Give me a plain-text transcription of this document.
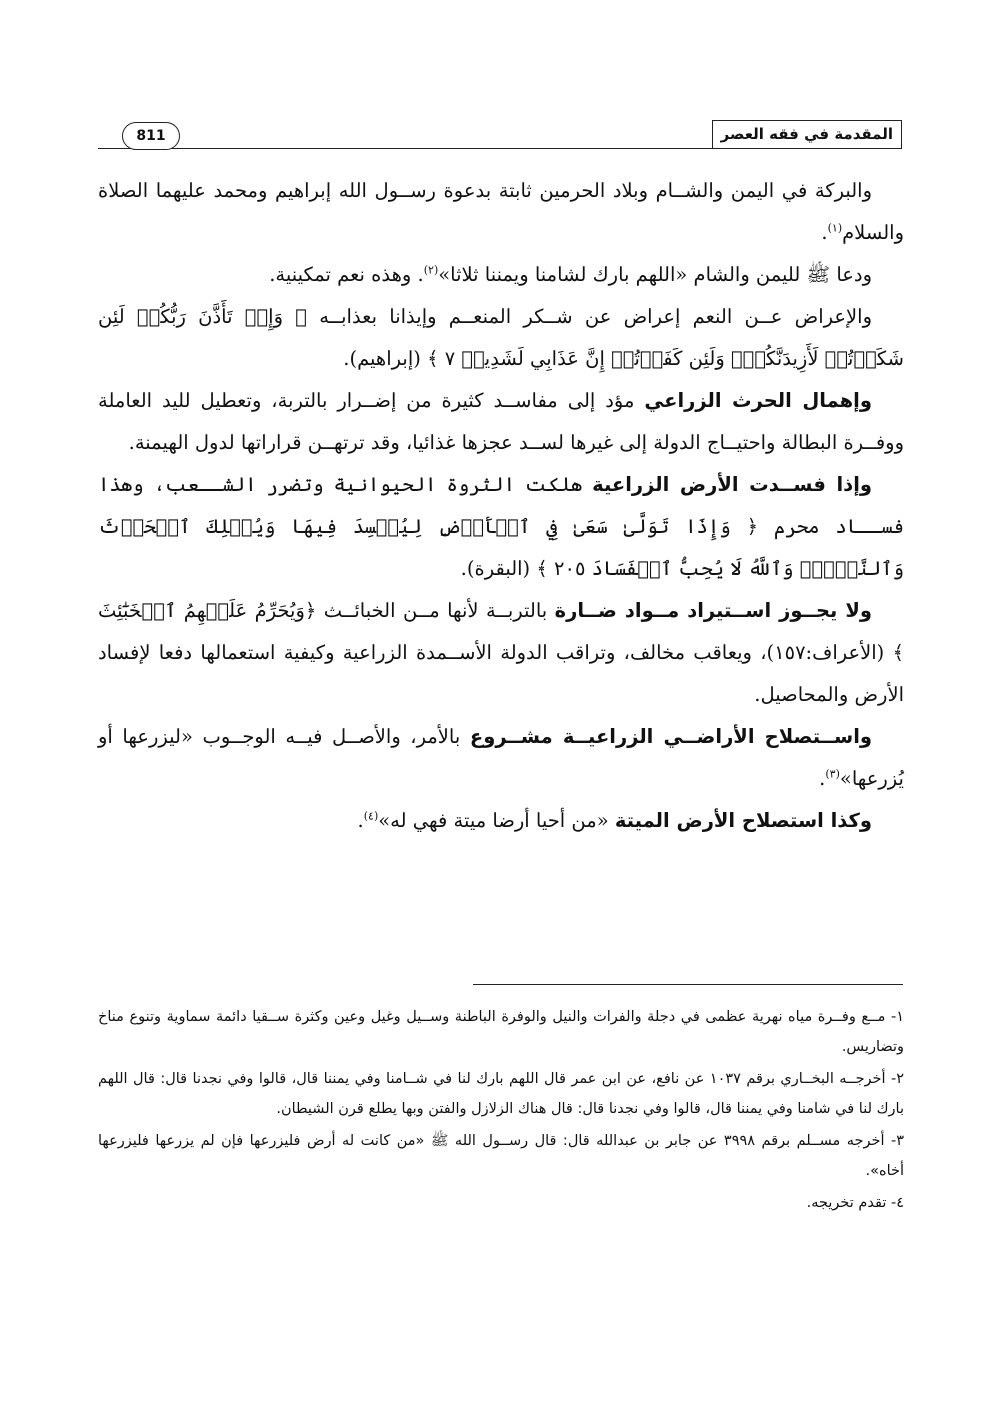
المقدمة في فقه العصر
811

والبركة في اليمن والشــام وبلاد الحرمين ثابتة بدعوة رســول الله إبراهيم ومحمد عليهما الصلاة والسلام$^{(١)}$.

ودعا ﷺ لليمن والشام «اللهم بارك لشامنا ويمننا ثلاثا»$^{(٢)}$. وهذه نعم تمكينية.

والإعراض عــن النعم إعراض عن شــكر المنعــم وإيذانا بعذابــه ﴿ وَإِذۡ تَأَذَّنَ رَبُّكُمۡ لَئِن شَكَرۡتُمۡ لَأَزِيدَنَّكُمۡۖ وَلَئِن كَفَرۡتُمۡ إِنَّ عَذَابِي لَشَدِيدٞ ٧ ﴾ (إبراهيم).

وإهمال الحرث الزراعي مؤد إلى مفاســد كثيرة من إضــرار بالتربة، وتعطيل لليد العاملة ووفــرة البطالة واحتيــاج الدولة إلى غيرها لســد عجزها غذائيا، وقد ترتهــن قراراتها لدول الهيمنة.

وإذا فســدت الأرض الزراعية هلكت الثروة الحيوانية وتضرر الشــعب، وهذا فســاد محرم ﴿ وَإِذَا تَوَلَّىٰ سَعَىٰ فِي ٱلۡأَرۡضِ لِيُفۡسِدَ فِيهَا وَيُهۡلِكَ ٱلۡحَرۡثَ وَٱلنَّسۡلَۚ وَٱللَّهُ لَا يُحِبُّ ٱلۡفَسَادَ ٢٠٥ ﴾ (البقرة).

ولا يجــوز اســتيراد مــواد ضــارة بالتربــة لأنها مــن الخبائــث ﴿وَيُحَرِّمُ عَلَيۡهِمُ ٱلۡخَبَٰٓئِثَ ﴾ (الأعراف:١٥٧)، ويعاقب مخالف، وتراقب الدولة الأســمدة الزراعية وكيفية استعمالها دفعا لإفساد الأرض والمحاصيل.

واســتصلاح الأراضــي الزراعيــة مشــروع بالأمر، والأصــل فيــه الوجــوب «ليزرعها أو يُزرعها»$^{(٣)}$.

وكذا استصلاح الأرض الميتة «من أحيا أرضا ميتة فهي له»$^{(٤)}$.

١- مــع وفــرة مياه نهرية عظمى في دجلة والفرات والنيل والوفرة الباطنة وســيل وغيل وعين وكثرة ســقيا دائمة سماوية وتنوع مناخ وتضاريس.

٢- أخرجــه البخــاري برقم ١٠٣٧ عن نافع، عن ابن عمر قال اللهم بارك لنا في شــامنا وفي يمننا قال، قالوا وفي نجدنا قال: قال اللهم بارك لنا في شامنا وفي يمننا قال، قالوا وفي نجدنا قال: قال هناك الزلازل والفتن وبها يطلع قرن الشيطان.

٣- أخرجه مســلم برقم ٣٩٩٨ عن جابر بن عبدالله قال: قال رســول الله ﷺ «من كانت له أرض فليزرعها فإن لم يزرعها فليزرعها أخاه».

٤- تقدم تخريجه.
